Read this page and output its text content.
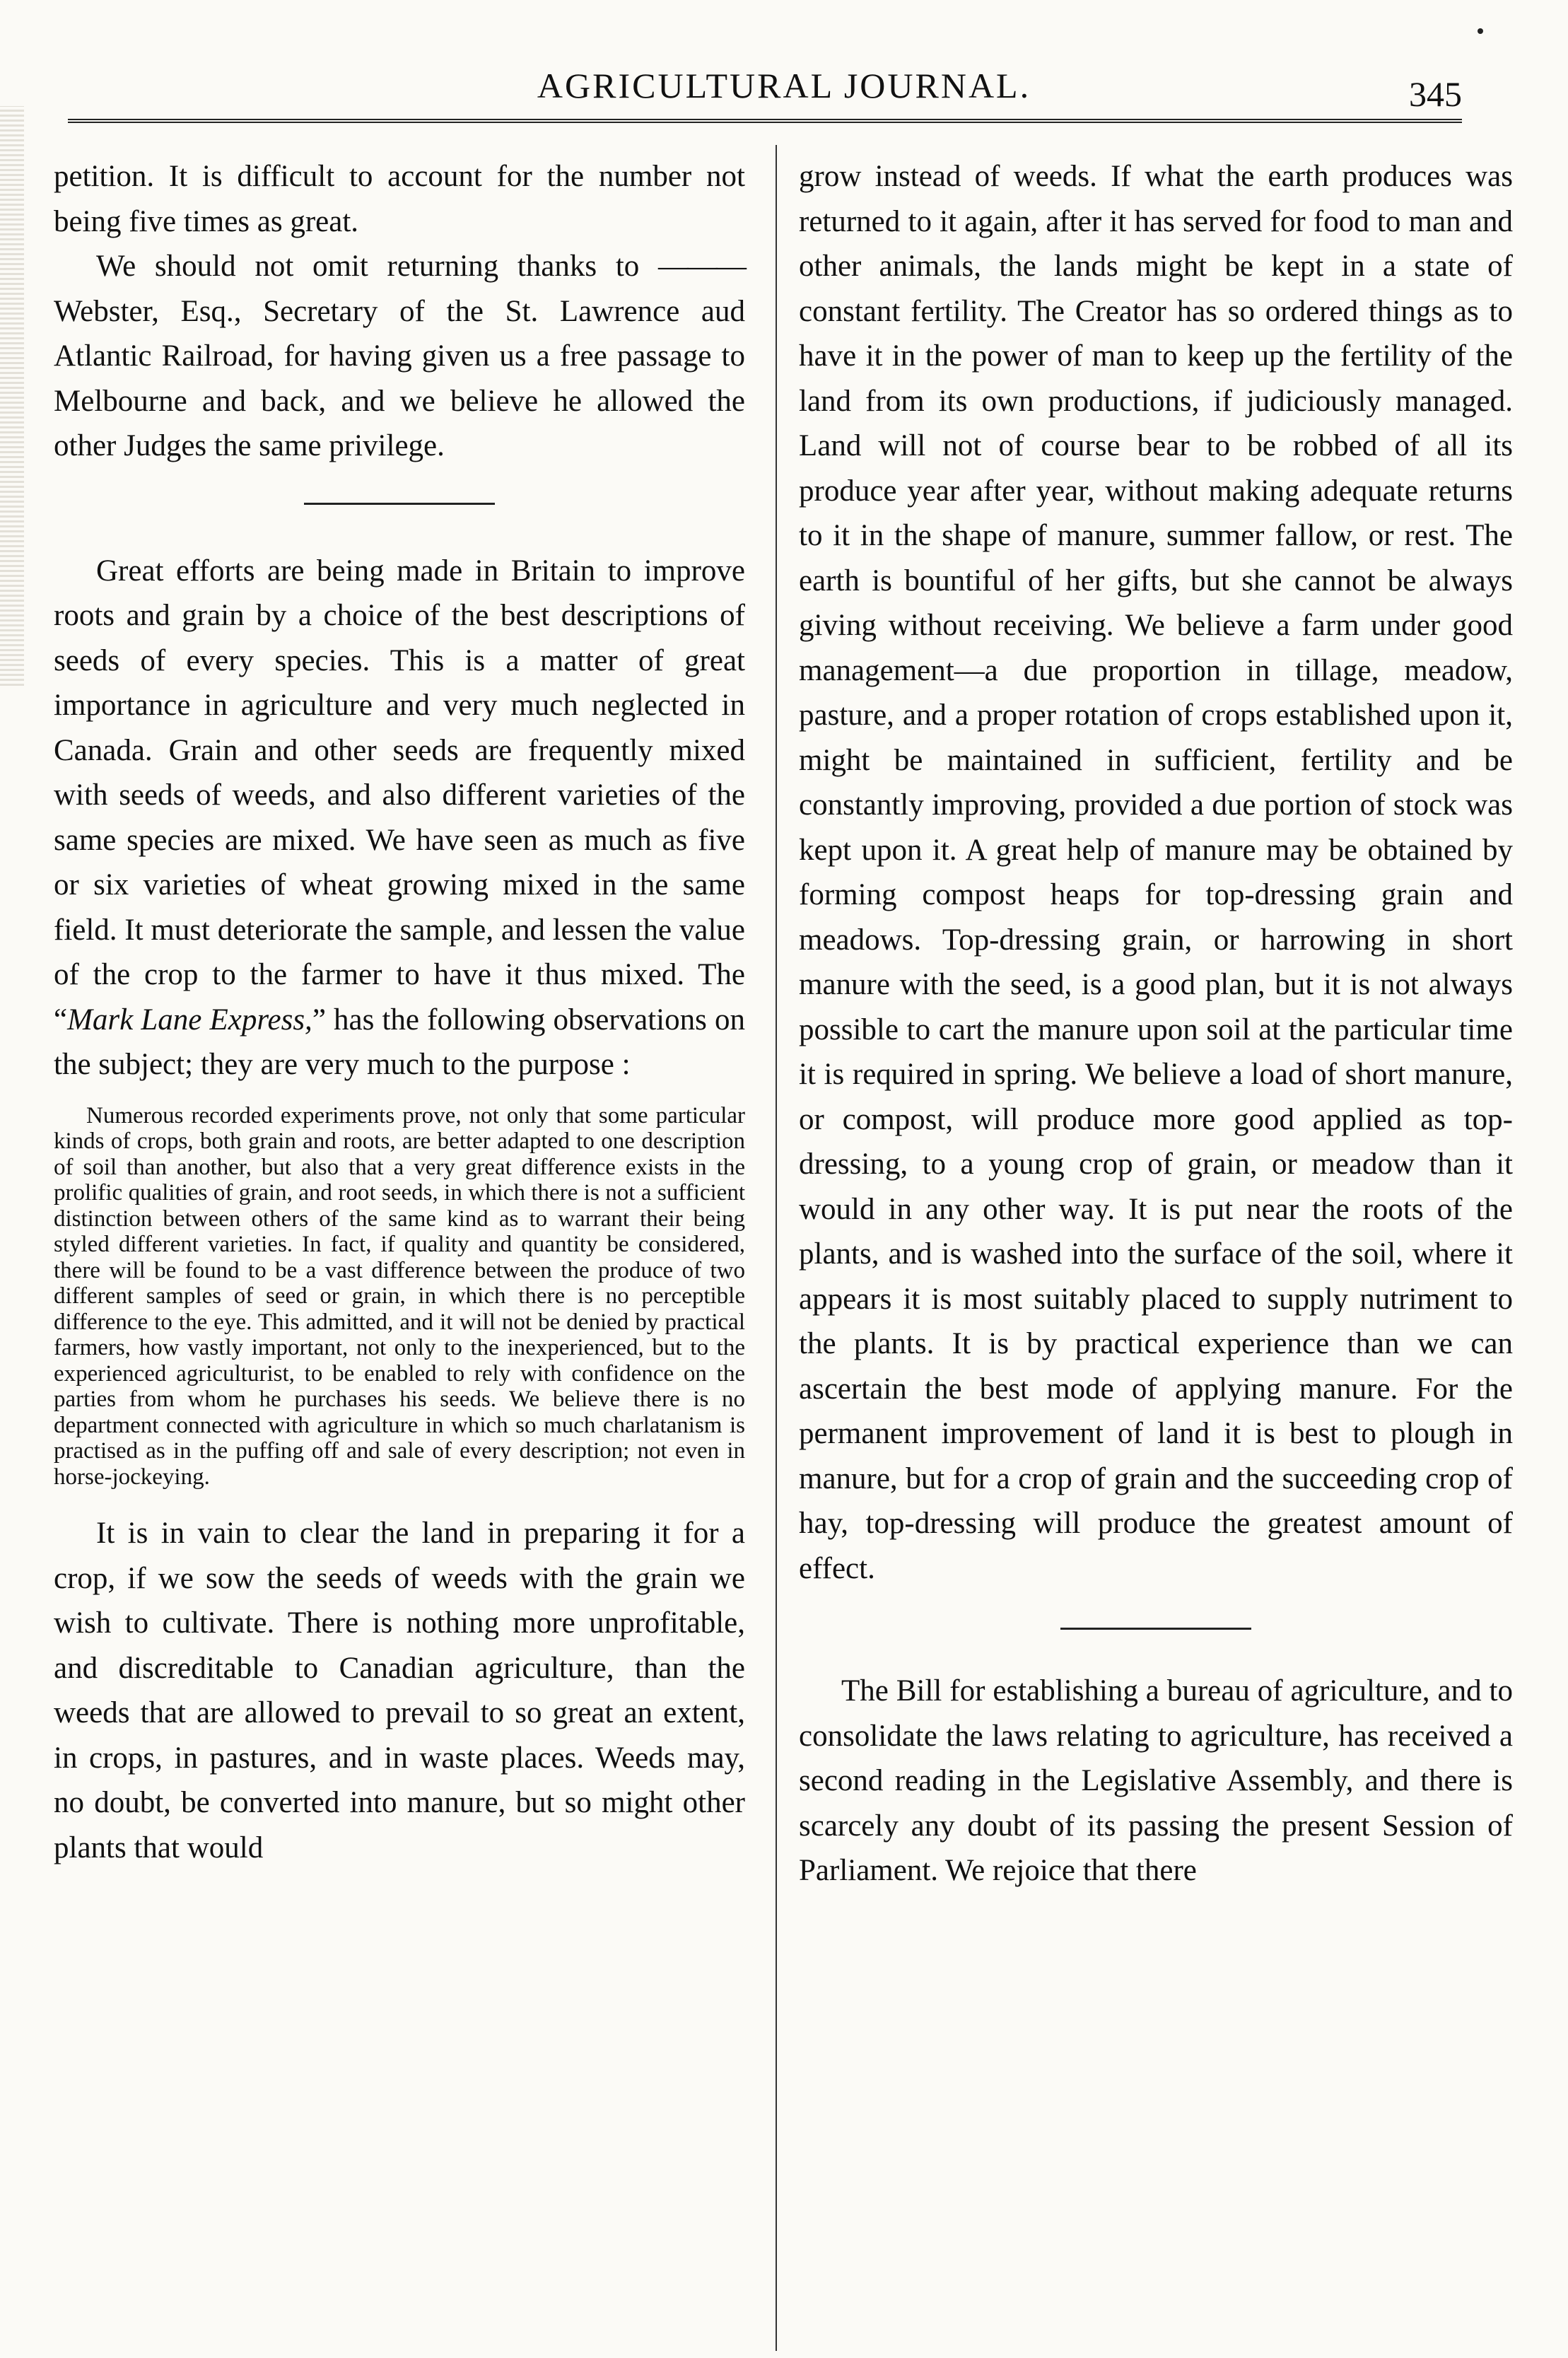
AGRICULTURAL JOURNAL.	345

petition. It is difficult to account for the number not being five times as great.

We should not omit returning thanks to ——— Webster, Esq., Secretary of the St. Lawrence aud Atlantic Railroad, for having given us a free passage to Melbourne and back, and we believe he allowed the other Judges the same privilege.

Great efforts are being made in Britain to improve roots and grain by a choice of the best descriptions of seeds of every species. This is a matter of great importance in agriculture and very much neglected in Canada. Grain and other seeds are frequently mixed with seeds of weeds, and also different varieties of the same species are mixed. We have seen as much as five or six varieties of wheat growing mixed in the same field. It must deteriorate the sample, and lessen the value of the crop to the farmer to have it thus mixed. The “Mark Lane Express,” has the following observations on the subject; they are very much to the purpose :

Numerous recorded experiments prove, not only that some particular kinds of crops, both grain and roots, are better adapted to one description of soil than another, but also that a very great difference exists in the prolific qualities of grain, and root seeds, in which there is not a sufficient distinction between others of the same kind as to warrant their being styled different varieties. In fact, if quality and quantity be considered, there will be found to be a vast difference between the produce of two different samples of seed or grain, in which there is no perceptible difference to the eye. This admitted, and it will not be denied by practical farmers, how vastly important, not only to the inexperienced, but to the experienced agriculturist, to be enabled to rely with confidence on the parties from whom he purchases his seeds. We believe there is no department connected with agriculture in which so much charlatanism is practised as in the puffing off and sale of every description; not even in horse-jockeying.

It is in vain to clear the land in preparing it for a crop, if we sow the seeds of weeds with the grain we wish to cultivate. There is nothing more unprofitable, and discreditable to Canadian agriculture, than the weeds that are allowed to prevail to so great an extent, in crops, in pastures, and in waste places. Weeds may, no doubt, be converted into manure, but so might other plants that would

grow instead of weeds. If what the earth produces was returned to it again, after it has served for food to man and other animals, the lands might be kept in a state of constant fertility. The Creator has so ordered things as to have it in the power of man to keep up the fertility of the land from its own productions, if judiciously managed. Land will not of course bear to be robbed of all its produce year after year, without making adequate returns to it in the shape of manure, summer fallow, or rest. The earth is bountiful of her gifts, but she cannot be always giving without receiving. We believe a farm under good management—a due proportion in tillage, meadow, pasture, and a proper rotation of crops established upon it, might be maintained in sufficient, fertility and be constantly improving, provided a due portion of stock was kept upon it. A great help of manure may be obtained by forming compost heaps for top-dressing grain and meadows. Top-dressing grain, or harrowing in short manure with the seed, is a good plan, but it is not always possible to cart the manure upon soil at the particular time it is required in spring. We believe a load of short manure, or compost, will produce more good applied as top-dressing, to a young crop of grain, or meadow than it would in any other way. It is put near the roots of the plants, and is washed into the surface of the soil, where it appears it is most suitably placed to supply nutriment to the plants. It is by practical experience than we can ascertain the best mode of applying manure. For the permanent improvement of land it is best to plough in manure, but for a crop of grain and the succeeding crop of hay, top-dressing will produce the greatest amount of effect.

The Bill for establishing a bureau of agriculture, and to consolidate the laws relating to agriculture, has received a second reading in the Legislative Assembly, and there is scarcely any doubt of its passing the present Session of Parliament. We rejoice that there
